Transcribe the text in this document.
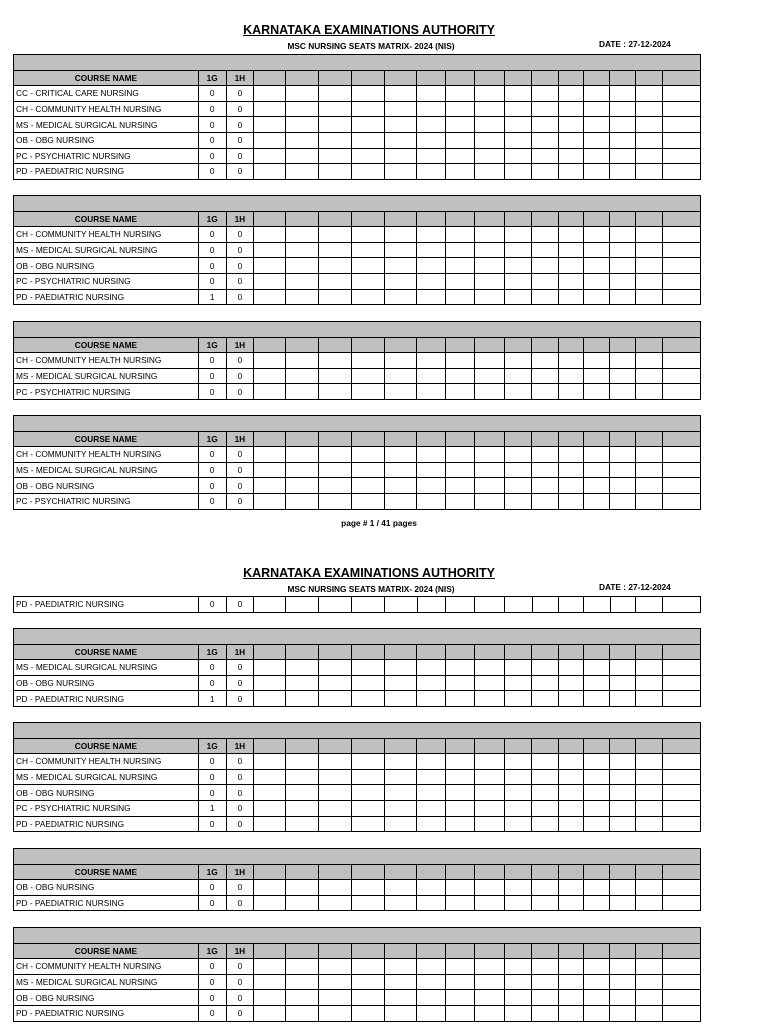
KARNATAKA EXAMINATIONS AUTHORITY
MSC NURSING SEATS MATRIX- 2024 (NIS)	DATE : 27-12-2024

COURSE NAME	1G	1H															
CC - CRITICAL CARE NURSING	0	0															
CH - COMMUNITY HEALTH NURSING	0	0															
MS - MEDICAL SURGICAL NURSING	0	0															
OB - OBG NURSING	0	0															
PC - PSYCHIATRIC NURSING	0	0															
PD - PAEDIATRIC NURSING	0	0															

COURSE NAME	1G	1H															
CH - COMMUNITY HEALTH NURSING	0	0															
MS - MEDICAL SURGICAL NURSING	0	0															
OB - OBG NURSING	0	0															
PC - PSYCHIATRIC NURSING	0	0															
PD - PAEDIATRIC NURSING	1	0															

COURSE NAME	1G	1H															
CH - COMMUNITY HEALTH NURSING	0	0															
MS - MEDICAL SURGICAL NURSING	0	0															
PC - PSYCHIATRIC NURSING	0	0															

COURSE NAME	1G	1H															
CH - COMMUNITY HEALTH NURSING	0	0															
MS - MEDICAL SURGICAL NURSING	0	0															
OB - OBG NURSING	0	0															
PC - PSYCHIATRIC NURSING	0	0															
page # 1 / 41 pages
KARNATAKA EXAMINATIONS AUTHORITY
MSC NURSING SEATS MATRIX- 2024 (NIS)	DATE : 27-12-2024
PD - PAEDIATRIC NURSING	0	0															

COURSE NAME	1G	1H															
MS - MEDICAL SURGICAL NURSING	0	0															
OB - OBG NURSING	0	0															
PD - PAEDIATRIC NURSING	1	0															

COURSE NAME	1G	1H															
CH - COMMUNITY HEALTH NURSING	0	0															
MS - MEDICAL SURGICAL NURSING	0	0															
OB - OBG NURSING	0	0															
PC - PSYCHIATRIC NURSING	1	0															
PD - PAEDIATRIC NURSING	0	0															

COURSE NAME	1G	1H															
OB - OBG NURSING	0	0															
PD - PAEDIATRIC NURSING	0	0															

COURSE NAME	1G	1H															
CH - COMMUNITY HEALTH NURSING	0	0															
MS - MEDICAL SURGICAL NURSING	0	0															
OB - OBG NURSING	0	0															
PD - PAEDIATRIC NURSING	0	0															
